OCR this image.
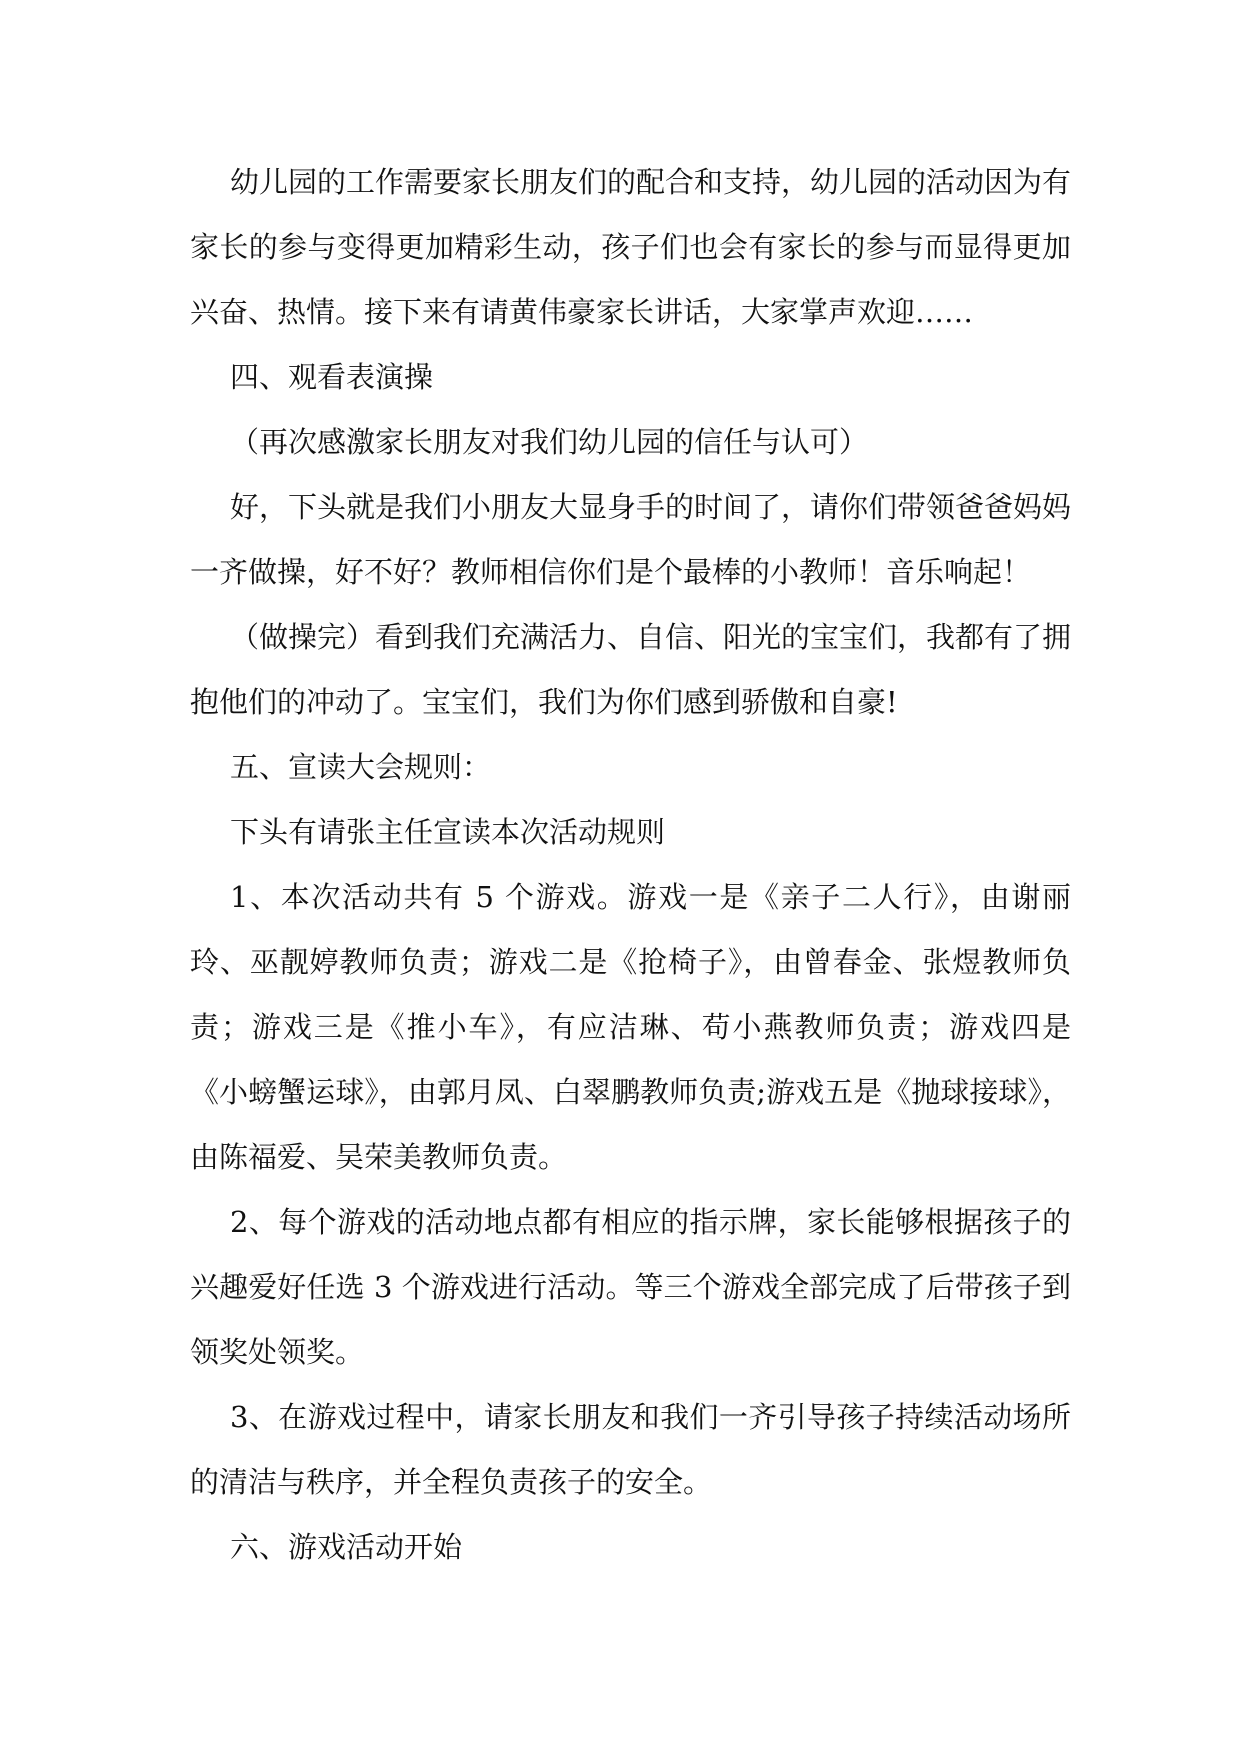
幼儿园的工作需要家长朋友们的配合和支持，幼儿园的活动因为有家长的参与变得更加精彩生动，孩子们也会有家长的参与而显得更加兴奋、热情。接下来有请黄伟豪家长讲话，大家掌声欢迎……

四、观看表演操

（再次感激家长朋友对我们幼儿园的信任与认可）

好，下头就是我们小朋友大显身手的时间了，请你们带领爸爸妈妈一齐做操，好不好？教师相信你们是个最棒的小教师！音乐响起！

（做操完）看到我们充满活力、自信、阳光的宝宝们，我都有了拥抱他们的冲动了。宝宝们，我们为你们感到骄傲和自豪!

五、宣读大会规则：

下头有请张主任宣读本次活动规则

1、本次活动共有 5 个游戏。游戏一是《亲子二人行》，由谢丽玲、巫靓婷教师负责；游戏二是《抢椅子》，由曾春金、张煜教师负责；游戏三是《推小车》，有应洁琳、苟小燕教师负责；游戏四是《小螃蟹运球》，由郭月凤、白翠鹏教师负责;游戏五是《抛球接球》，由陈福爱、吴荣美教师负责。

2、每个游戏的活动地点都有相应的指示牌，家长能够根据孩子的兴趣爱好任选 3 个游戏进行活动。等三个游戏全部完成了后带孩子到领奖处领奖。

3、在游戏过程中，请家长朋友和我们一齐引导孩子持续活动场所的清洁与秩序，并全程负责孩子的安全。

六、游戏活动开始
